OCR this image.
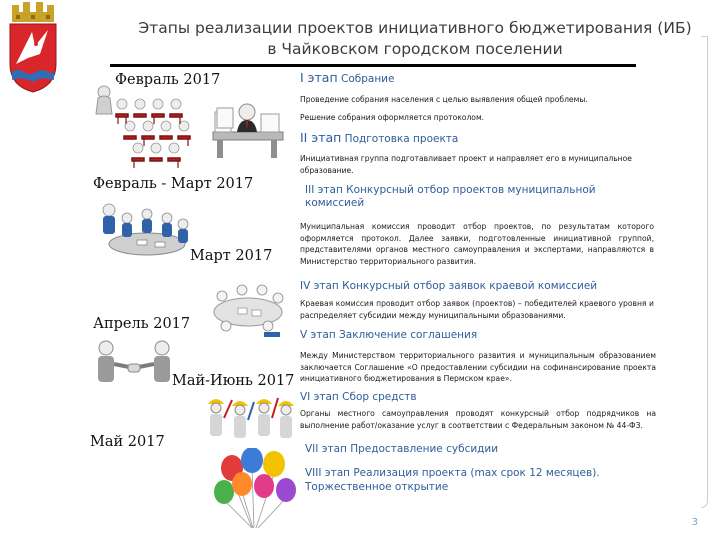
Этапы реализации проектов инициативного бюджетирования (ИБ)
в Чайковском городском поселении
Февраль 2017
Февраль - Март 2017
Март 2017
Апрель 2017
Май-Июнь 2017
Май 2017
I этап Собрание
Проведение собрания населения с целью выявления общей проблемы.
Решение собрания оформляется протоколом.
II этап Подготовка проекта
Инициативная группа подготавливает проект и направляет его в муниципальное образование.
III этап Конкурсный отбор проектов муниципальной
комиссией
Муниципальная комиссия проводит отбор проектов, по результатам которого оформляется протокол. Далее заявки, подготовленные инициативной группой, представителями органов местного самоуправления и экспертами, направляются в Министерство территориального развития.
IV этап Конкурсный отбор заявок краевой комиссией
Краевая комиссия проводит отбор заявок (проектов) – победителей краевого уровня и распределяет субсидии между муниципальными образованиями.
V этап Заключение соглашения
Между Министерством территориального развития и муниципальным образованием заключается Соглашение «О предоставлении субсидии на софинансирование проекта инициативного бюджетирования в Пермском крае».
VI этап Сбор средств
Органы местного самоуправления проводят конкурсный отбор подрядчиков на выполнение работ/оказание услуг в соответствии с Федеральным законом № 44-ФЗ.
VII этап Предоставление субсидии
VIII этап Реализация проекта (max срок 12 месяцев).
Торжественное открытие
3
